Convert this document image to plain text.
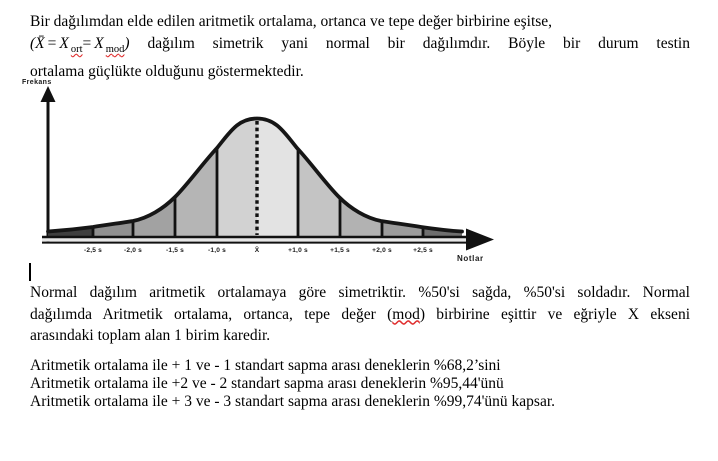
Bir dağılımdan elde edilen aritmetik ortalama, ortanca ve tepe değer birbirine eşitse,
(X̄ = X $_{ort}$= X $_{mod}$) dağılım simetrik yani normal bir dağılımdır. Böyle bir durum testin
ortalama güçlükte olduğunu göstermektedir.
Frekans
-2,5 s	-2,0 s	-1,5 s	-1,0 s	X̄	+1,0 s	+1,5 s	+2,0 s	+2,5 s
Notlar
Normal dağılım aritmetik ortalamaya göre simetriktir. %50'si sağda, %50'si soldadır. Normal
dağılımda Aritmetik ortalama, ortanca, tepe değer (mod) birbirine eşittir ve eğriyle X ekseni
arasındaki toplam alan 1 birim karedir.
Aritmetik ortalama ile + 1 ve - 1 standart sapma arası deneklerin %68,2’sini
Aritmetik ortalama ile +2 ve - 2 standart sapma arası deneklerin %95,44'ünü
Aritmetik ortalama ile + 3 ve - 3 standart sapma arası deneklerin %99,74'ünü kapsar.
